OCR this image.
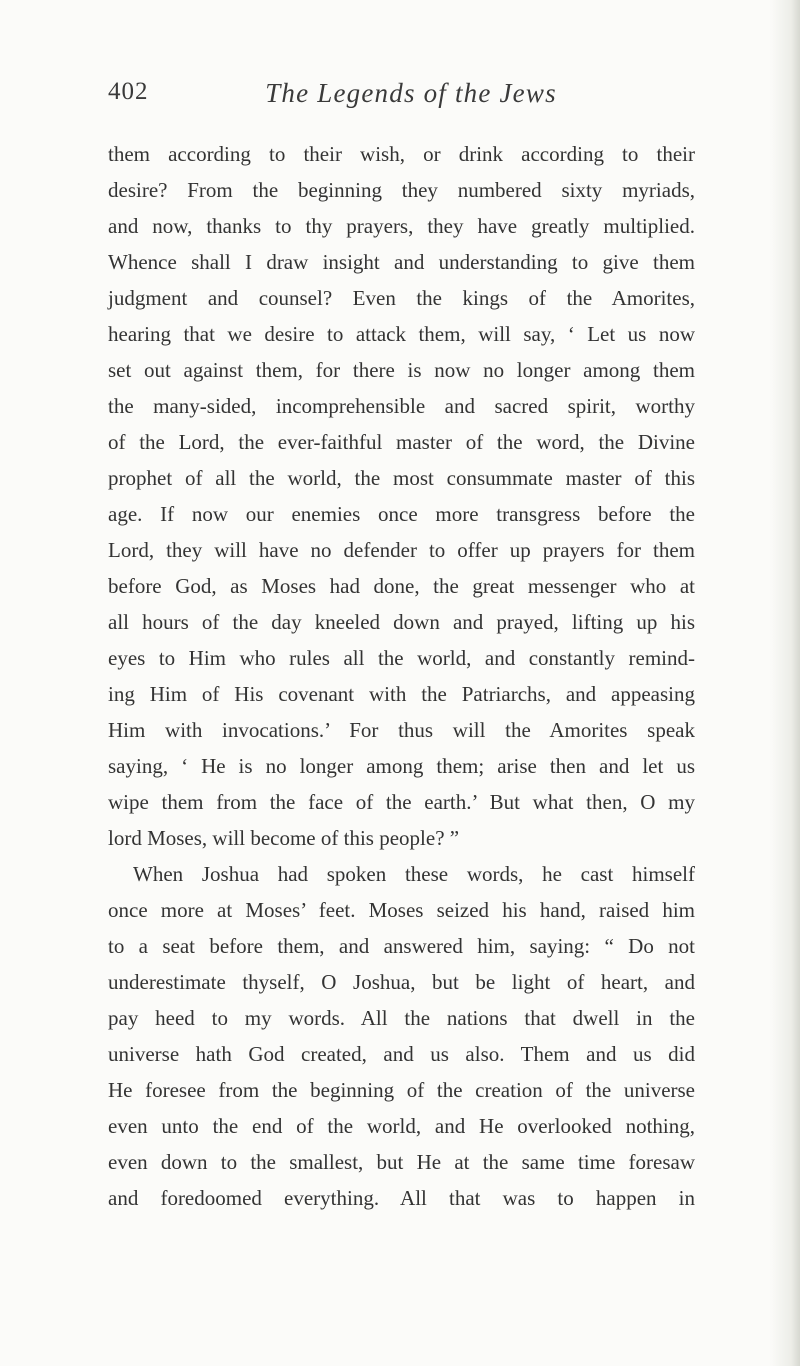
402	The Legends of the Jews
them according to their wish, or drink according to their
desire? From the beginning they numbered sixty myriads,
and now, thanks to thy prayers, they have greatly multiplied.
Whence shall I draw insight and understanding to give them
judgment and counsel? Even the kings of the Amorites,
hearing that we desire to attack them, will say, ‘ Let us now
set out against them, for there is now no longer among them
the many-sided, incomprehensible and sacred spirit, worthy
of the Lord, the ever-faithful master of the word, the Divine
prophet of all the world, the most consummate master of this
age. If now our enemies once more transgress before the
Lord, they will have no defender to offer up prayers for them
before God, as Moses had done, the great messenger who at
all hours of the day kneeled down and prayed, lifting up his
eyes to Him who rules all the world, and constantly remind-
ing Him of His covenant with the Patriarchs, and appeasing
Him with invocations.’ For thus will the Amorites speak
saying, ‘ He is no longer among them; arise then and let us
wipe them from the face of the earth.’ But what then, O my
lord Moses, will become of this people? ”
When Joshua had spoken these words, he cast himself
once more at Moses’ feet. Moses seized his hand, raised him
to a seat before them, and answered him, saying: “ Do not
underestimate thyself, O Joshua, but be light of heart, and
pay heed to my words. All the nations that dwell in the
universe hath God created, and us also. Them and us did
He foresee from the beginning of the creation of the universe
even unto the end of the world, and He overlooked nothing,
even down to the smallest, but He at the same time foresaw
and foredoomed everything. All that was to happen in
